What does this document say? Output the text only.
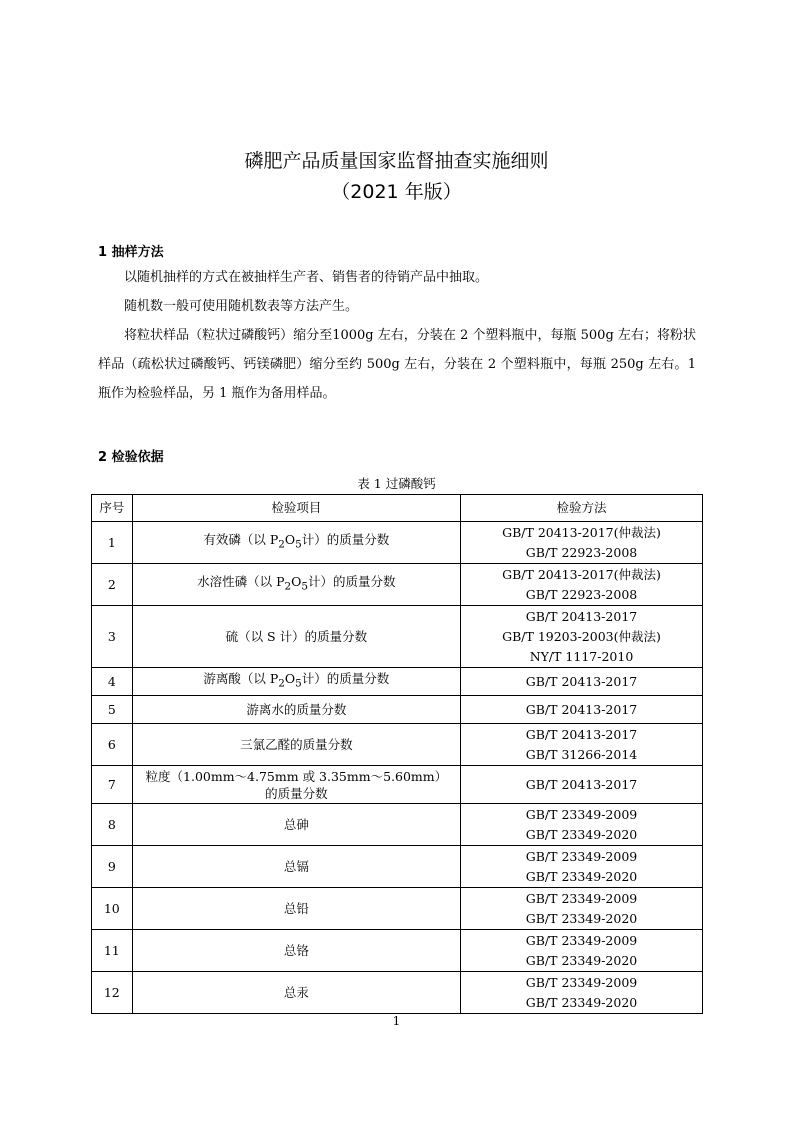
磷肥产品质量国家监督抽查实施细则
（2021 年版）
1 抽样方法

以随机抽样的方式在被抽样生产者、销售者的待销产品中抽取。

随机数一般可使用随机数表等方法产生。

将粒状样品（粒状过磷酸钙）缩分至1000g 左右，分装在 2 个塑料瓶中，每瓶 500g 左右；将粉状样品（疏松状过磷酸钙、钙镁磷肥）缩分至约 500g 左右，分装在 2 个塑料瓶中，每瓶 250g 左右。1 瓶作为检验样品，另 1 瓶作为备用样品。

2 检验依据
表 1 过磷酸钙
序号	检验项目	检验方法
1	有效磷（以 $P_2O_5$计）的质量分数	GB/T 20413-2017(仲裁法)
GB/T 22923-2008
2	水溶性磷（以 $P_2O_5$计）的质量分数	GB/T 20413-2017(仲裁法)
GB/T 22923-2008
3	硫（以 S 计）的质量分数	GB/T 20413-2017
GB/T 19203-2003(仲裁法)
NY/T 1117-2010
4	游离酸（以 $P_2O_5$计）的质量分数	GB/T 20413-2017
5	游离水的质量分数	GB/T 20413-2017
6	三氯乙醛的质量分数	GB/T 20413-2017
GB/T 31266-2014
7	粒度（1.00mm～4.75mm 或 3.35mm～5.60mm）
的质量分数	GB/T 20413-2017
8	总砷	GB/T 23349-2009
GB/T 23349-2020
9	总镉	GB/T 23349-2009
GB/T 23349-2020
10	总铅	GB/T 23349-2009
GB/T 23349-2020
11	总铬	GB/T 23349-2009
GB/T 23349-2020
12	总汞	GB/T 23349-2009
GB/T 23349-2020
1
